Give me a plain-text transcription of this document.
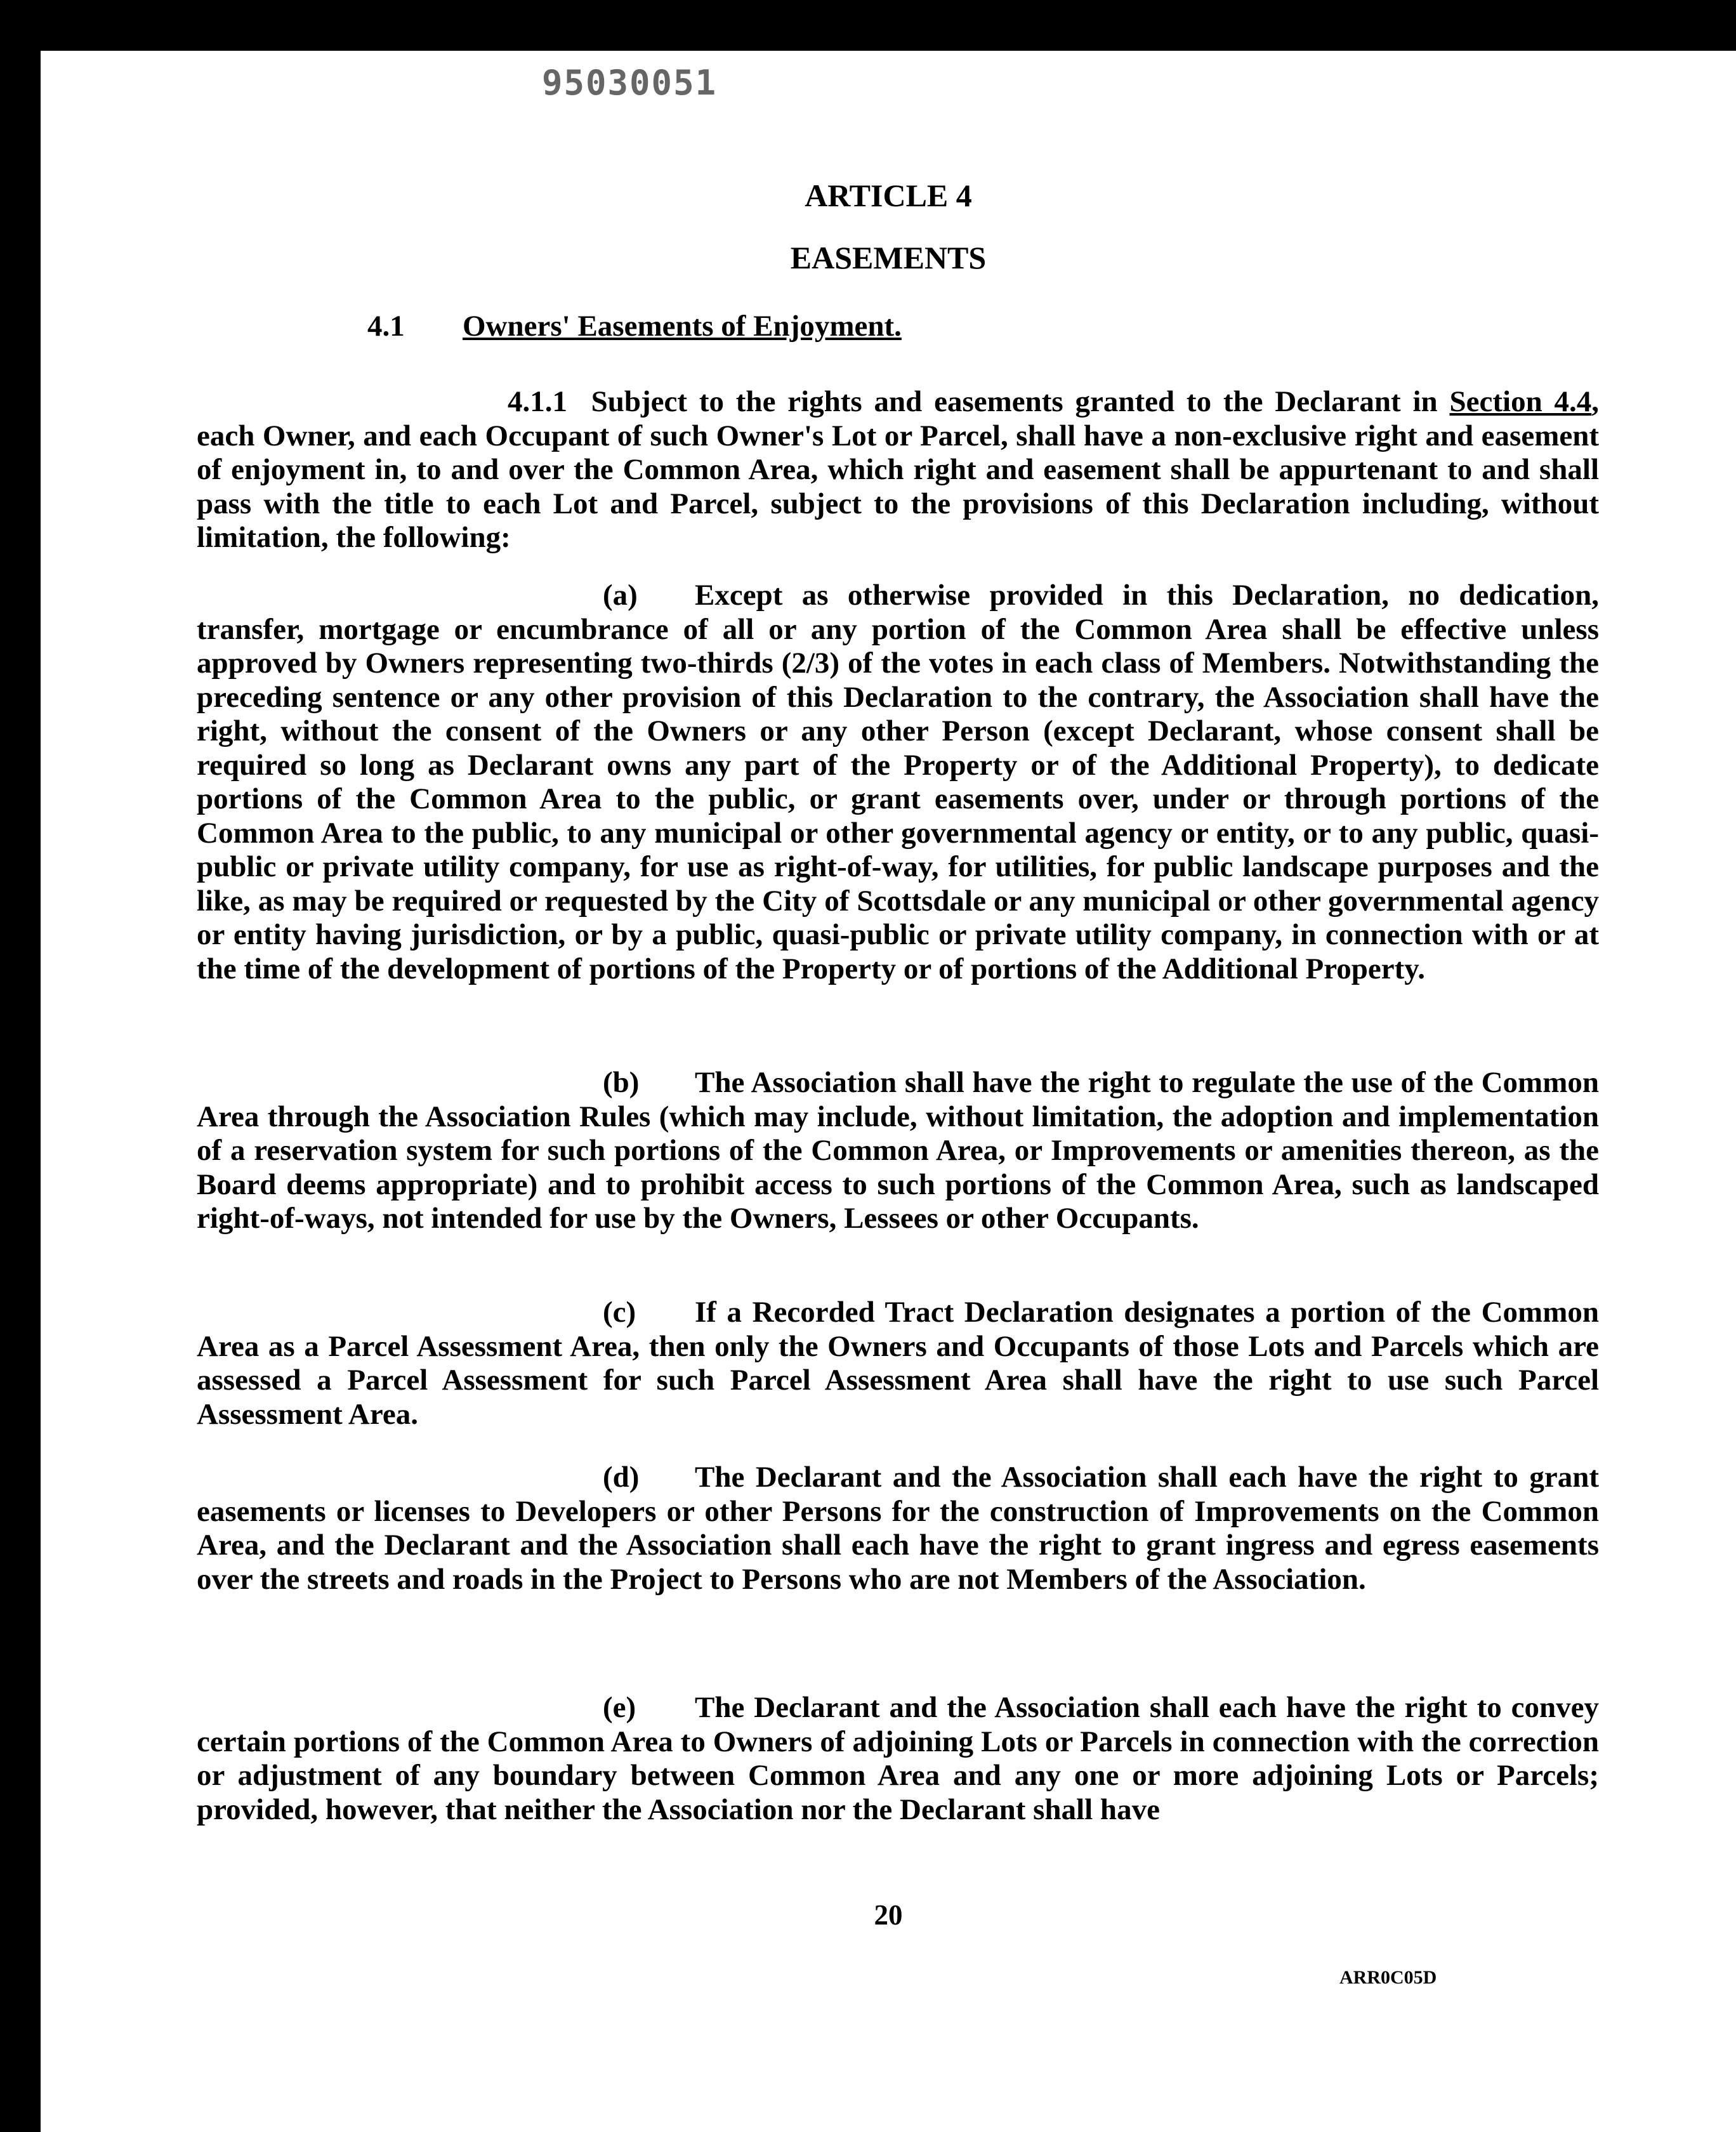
95030051
ARTICLE 4
EASEMENTS
4.1 Owners' Easements of Enjoyment.

4.1.1 Subject to the rights and easements granted to the Declarant in Section 4.4, each Owner, and each Occupant of such Owner's Lot or Parcel, shall have a non-exclusive right and easement of enjoyment in, to and over the Common Area, which right and easement shall be appurtenant to and shall pass with the title to each Lot and Parcel, subject to the provisions of this Declaration including, without limitation, the following:

(a) Except as otherwise provided in this Declaration, no dedication, transfer, mortgage or encumbrance of all or any portion of the Common Area shall be effective unless approved by Owners representing two-thirds (2/3) of the votes in each class of Members. Notwithstanding the preceding sentence or any other provision of this Declaration to the contrary, the Association shall have the right, without the consent of the Owners or any other Person (except Declarant, whose consent shall be required so long as Declarant owns any part of the Property or of the Additional Property), to dedicate portions of the Common Area to the public, or grant easements over, under or through portions of the Common Area to the public, to any municipal or other governmental agency or entity, or to any public, quasi-public or private utility company, for use as right-of-way, for utilities, for public landscape purposes and the like, as may be required or requested by the City of Scottsdale or any municipal or other governmental agency or entity having jurisdiction, or by a public, quasi-public or private utility company, in connection with or at the time of the development of portions of the Property or of portions of the Additional Property.

(b) The Association shall have the right to regulate the use of the Common Area through the Association Rules (which may include, without limitation, the adoption and implementation of a reservation system for such portions of the Common Area, or Improvements or amenities thereon, as the Board deems appropriate) and to prohibit access to such portions of the Common Area, such as landscaped right-of-ways, not intended for use by the Owners, Lessees or other Occupants.

(c) If a Recorded Tract Declaration designates a portion of the Common Area as a Parcel Assessment Area, then only the Owners and Occupants of those Lots and Parcels which are assessed a Parcel Assessment for such Parcel Assessment Area shall have the right to use such Parcel Assessment Area.

(d) The Declarant and the Association shall each have the right to grant easements or licenses to Developers or other Persons for the construction of Improvements on the Common Area, and the Declarant and the Association shall each have the right to grant ingress and egress easements over the streets and roads in the Project to Persons who are not Members of the Association.

(e) The Declarant and the Association shall each have the right to convey certain portions of the Common Area to Owners of adjoining Lots or Parcels in connection with the correction or adjustment of any boundary between Common Area and any one or more adjoining Lots or Parcels; provided, however, that neither the Association nor the Declarant shall have

20
ARR0C05D
